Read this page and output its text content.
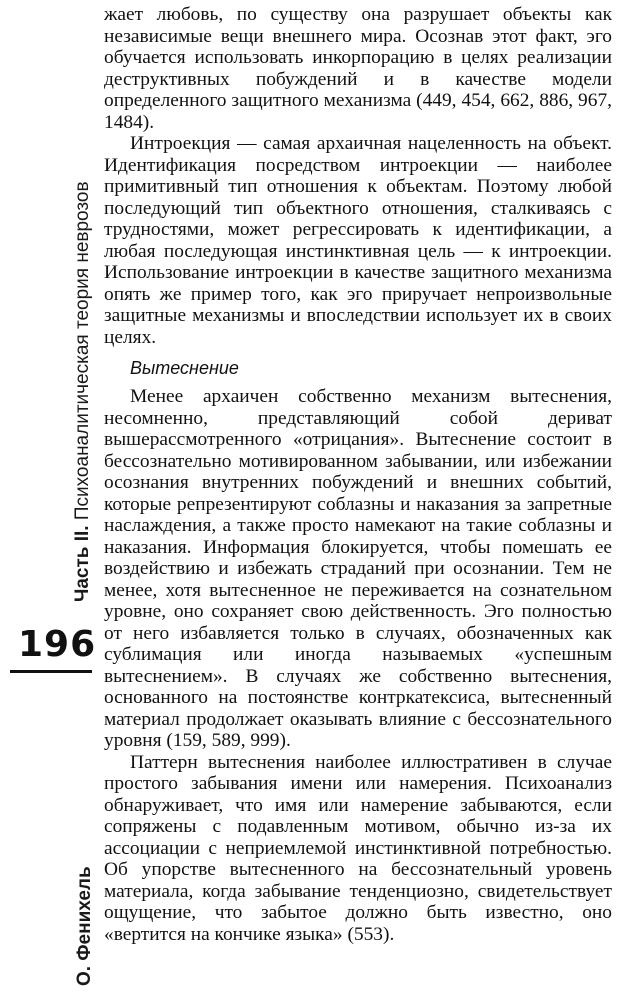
Часть II. Психоаналитическая теория неврозов
196
О. Фенихель

жает любовь, по существу она разрушает объекты как независимые вещи внешнего мира. Осознав этот факт, эго обучается использовать инкорпорацию в целях реализации деструктивных побуждений и в качестве модели определенного защитного механизма (449, 454, 662, 886, 967, 1484).

Интроекция — самая архаичная нацеленность на объект. Идентификация посредством интроекции — наиболее примитивный тип отношения к объектам. Поэтому любой последующий тип объектного отношения, сталкиваясь с трудностями, может регрессировать к идентификации, а любая последующая инстинктивная цель — к интроекции. Использование интроекции в качестве защитного механизма опять же пример того, как эго приручает непроизвольные защитные механизмы и впоследствии использует их в своих целях.

Вытеснение

Менее архаичен собственно механизм вытеснения, несомненно, представляющий собой дериват вышерассмотренного «отрицания». Вытеснение состоит в бессознательно мотивированном забывании, или избежании осознания внутренних побуждений и внешних событий, которые репрезентируют соблазны и наказания за запретные наслаждения, а также просто намекают на такие соблазны и наказания. Информация блокируется, чтобы помешать ее воздействию и избежать страданий при осознании. Тем не менее, хотя вытесненное не переживается на сознательном уровне, оно сохраняет свою действенность. Эго полностью от него избавляется только в случаях, обозначенных как сублимация или иногда называемых «успешным вытеснением». В случаях же собственно вытеснения, основанного на постоянстве контркатексиса, вытесненный материал продолжает оказывать влияние с бессознательного уровня (159, 589, 999).

Паттерн вытеснения наиболее иллюстративен в случае простого забывания имени или намерения. Психоанализ обнаруживает, что имя или намерение забываются, если сопряжены с подавленным мотивом, обычно из-за их ассоциации с неприемлемой инстинктивной потребностью. Об упорстве вытесненного на бессознательный уровень материала, когда забывание тенденциозно, свидетельствует ощущение, что забытое должно быть известно, оно «вертится на кончике языка» (553).
